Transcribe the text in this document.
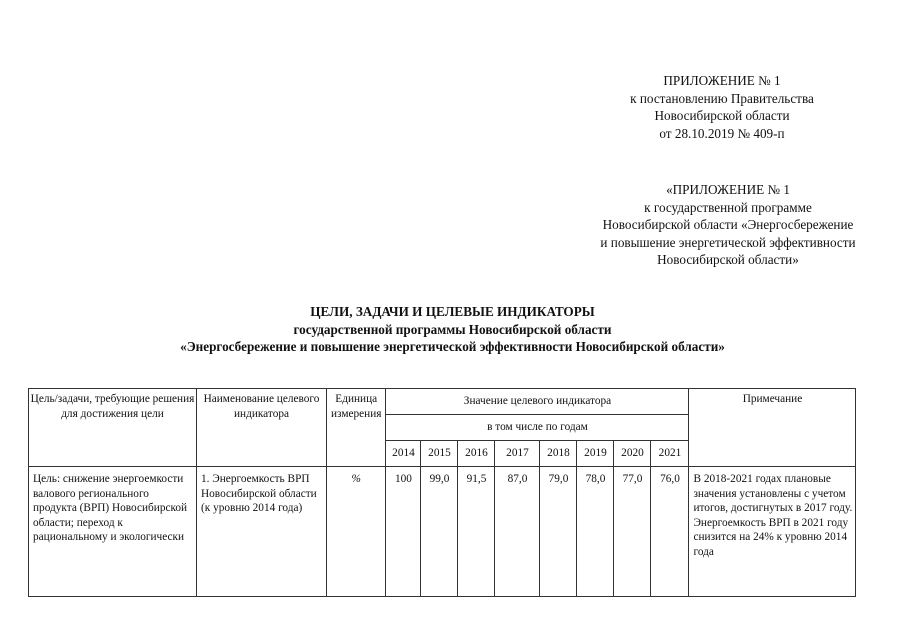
ПРИЛОЖЕНИЕ № 1
к постановлению Правительства
Новосибирской области
от 28.10.2019 № 409-п
«ПРИЛОЖЕНИЕ № 1
к государственной программе
Новосибирской области «Энергосбережение
и повышение энергетической эффективности
Новосибирской области»
ЦЕЛИ, ЗАДАЧИ И ЦЕЛЕВЫЕ ИНДИКАТОРЫ
государственной программы Новосибирской области
«Энергосбережение и повышение энергетической эффективности Новосибирской области»
Цель/задачи, требующие решения для достижения цели	Наименование целевого индикатора	Единица измерения	Значение целевого индикатора								Примечание
			в том числе по годам								
			2014	2015	2016	2017	2018	2019	2020	2021	
Цель: снижение энергоемкости валового регионального продукта (ВРП) Новосибирской области; переход к рациональному и экологически	1. Энергоемкость ВРП Новосибирской области (к уровню 2014 года)	%	100	99,0	91,5	87,0	79,0	78,0	77,0	76,0	В 2018-2021 годах плановые значения установлены с учетом итогов, достигнутых в 2017 году. Энергоемкость ВРП в 2021 году снизится на 24% к уровню 2014 года
